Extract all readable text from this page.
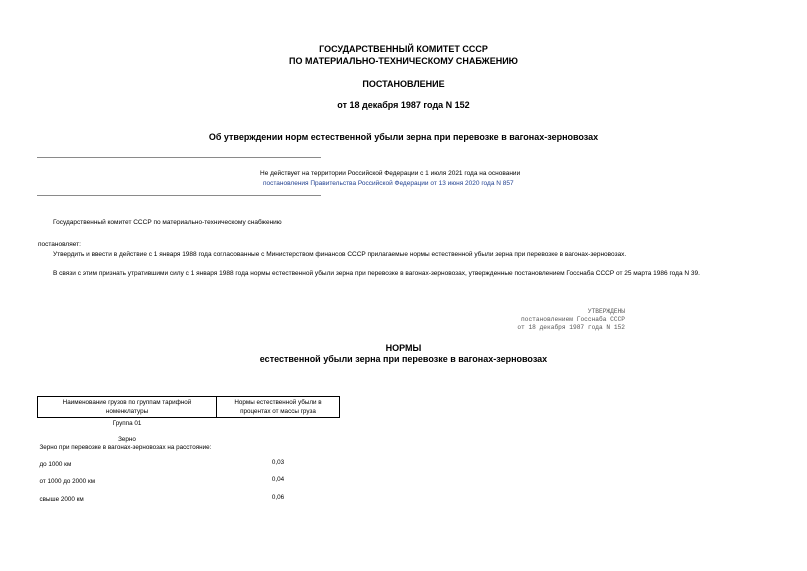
ГОСУДАРСТВЕННЫЙ КОМИТЕТ СССР
ПО МАТЕРИАЛЬНО-ТЕХНИЧЕСКОМУ СНАБЖЕНИЮ
ПОСТАНОВЛЕНИЕ
от 18 декабря 1987 года N 152
Об утверждении норм естественной убыли зерна при перевозке в вагонах-зерновозах
Не действует на территории Российской Федерации с 1 июля 2021 года на основании
постановления Правительства Российской Федерации от 13 июня 2020 года N 857
Государственный комитет СССР по материально-техническому снабжению
постановляет:
Утвердить и ввести в действие с 1 января 1988 года согласованные с Министерством финансов СССР прилагаемые нормы естественной убыли зерна при перевозке в вагонах-зерновозах.
В связи с этим признать утратившими силу с 1 января 1988 года нормы естественной убыли зерна при перевозке в вагонах-зерновозах, утвержденные постановлением Госснаба СССР от 25 марта 1986 года N 39.
УТВЕРЖДЕНЫ
постановлением Госснаба СССР
от 18 декабря 1987 года N 152
НОРМЫ
естественной убыли зерна при перевозке в вагонах-зерновозах
Наименование грузов по группам тарифной номенклатуры	Нормы естественной убыли в процентах от массы груза
Группа 01	
Зерно	
Зерно при перевозке в вагонах-зерновозах на расстояние:	
до 1000 км	0,03
от 1000 до 2000 км	0,04
свыше 2000 км	0,06
